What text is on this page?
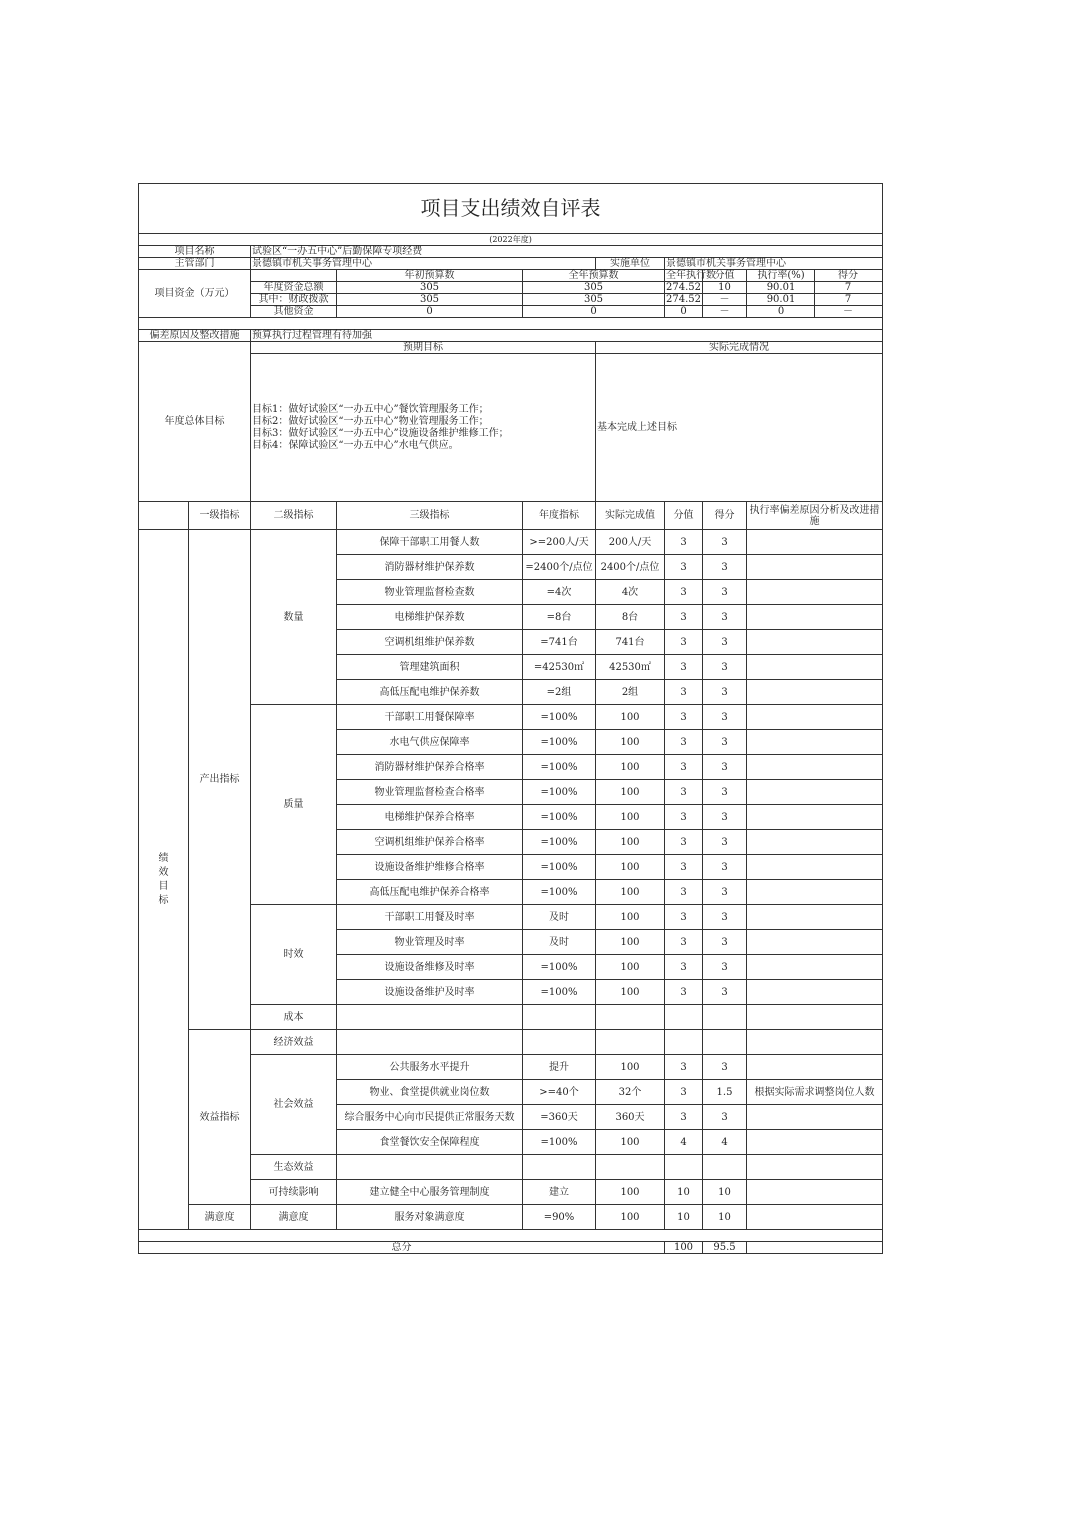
项目支出绩效自评表								
(2022年度)								
项目名称		试验区“一办五中心”后勤保障专项经费						
主管部门		景德镇市机关事务管理中心			实施单位	景德镇市机关事务管理中心		
项目资金（万元）			年初预算数	全年预算数		全年执行数	分值	执行率(%) 得分
		年度资金总额	305	305		274.52	10	90.01 7
		其中：财政拨款	305	305		274.52	－	90.01 7
		其他资金	0	0		0	－	0 －

偏差原因及整改措施		预算执行过程管理有待加强						
年度总体目标		预期目标			实际完成情况			

		目标1：做好试验区“一办五中心”餐饮管理服务工作；
目标2：做好试验区“一办五中心”物业管理服务工作；
目标3：做好试验区“一办五中心”设施设备维护维修工作；
目标4：保障试验区“一办五中心”水电气供应。			基本完成上述目标			
	一级指标	二级指标	三级指标	年度指标	实际完成值	分值	得分	执行率偏差原因分析及改进措施
绩效目标	产出指标	数量	保障干部职工用餐人数	>=200人/天	200人/天	3	3	
			消防器材维护保养数	=2400个/点位	2400个/点位	3	3	
			物业管理监督检查数	=4次	4次	3	3	
			电梯维护保养数	=8台	8台	3	3	
			空调机组维护保养数	=741台	741台	3	3	
			管理建筑面积	=42530㎡	42530㎡	3	3	
			高低压配电维护保养数	=2组	2组	3	3	
		质量	干部职工用餐保障率	=100%	100	3	3	
			水电气供应保障率	=100%	100	3	3	
			消防器材维护保养合格率	=100%	100	3	3	
			物业管理监督检查合格率	=100%	100	3	3	
			电梯维护保养合格率	=100%	100	3	3	
			空调机组维护保养合格率	=100%	100	3	3	
			设施设备维护维修合格率	=100%	100	3	3	
			高低压配电维护保养合格率	=100%	100	3	3	
		时效	干部职工用餐及时率	及时	100	3	3	
			物业管理及时率	及时	100	3	3	
			设施设备维修及时率	=100%	100	3	3	
			设施设备维护及时率	=100%	100	3	3	
		成本						
	效益指标	经济效益						
		社会效益	公共服务水平提升	提升	100	3	3	
			物业、食堂提供就业岗位数	>=40个	32个	3	1.5	根据实际需求调整岗位人数
			综合服务中心向市民提供正常服务天数	=360天	360天	3	3	
			食堂餐饮安全保障程度	=100%	100	4	4	
		生态效益						
		可持续影响	建立健全中心服务管理制度	建立	100	10	10	
	满意度	满意度	服务对象满意度	=90%	100	10	10	

总分						100	95.5	
